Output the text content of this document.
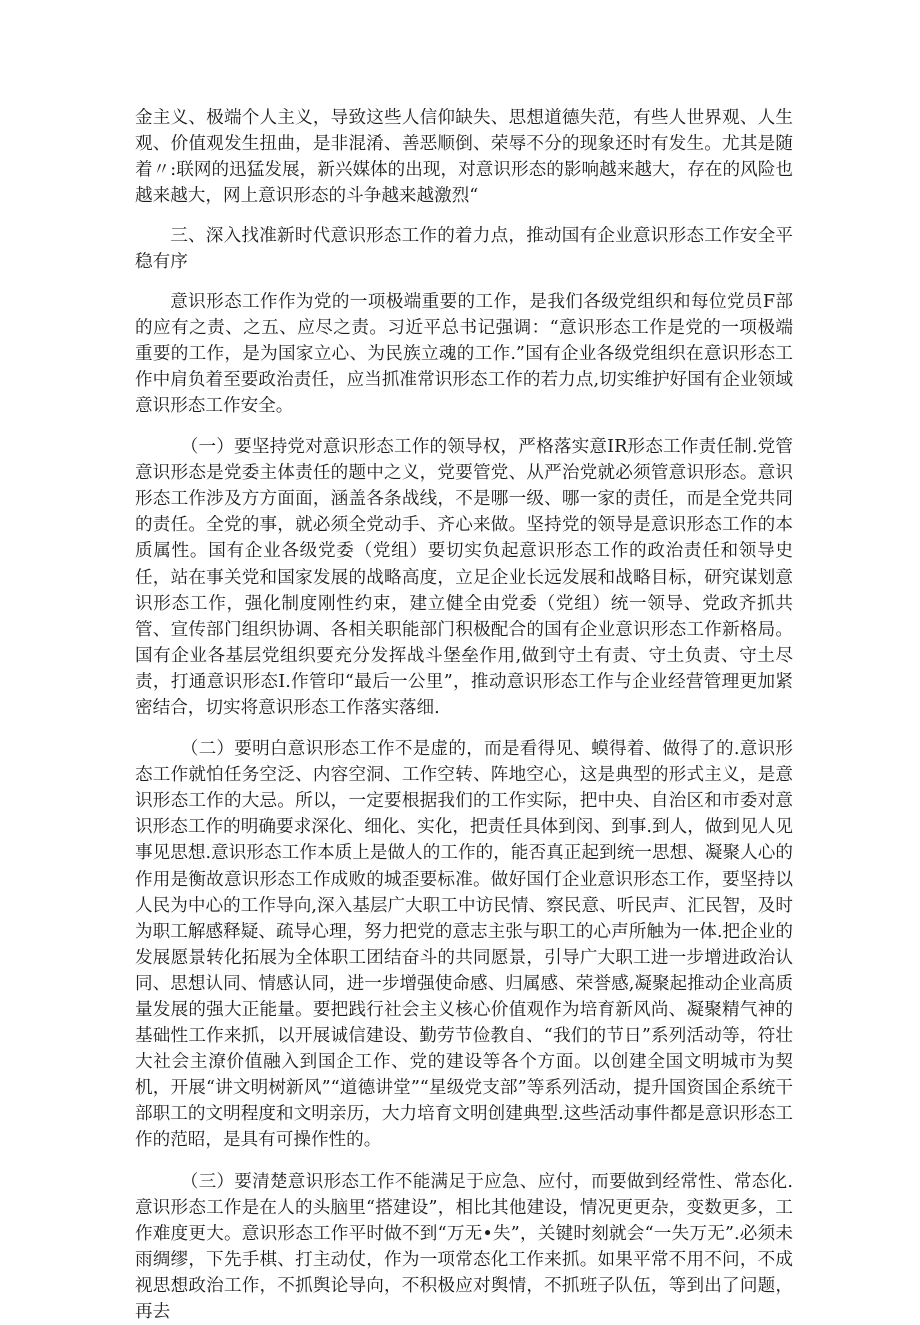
金主义、极端个人主义，导致这些人信仰缺失、思想道德失范，有些人世界观、人生观、价值观发生扭曲，是非混淆、善恶顺倒、荣辱不分的现象还时有发生。尤其是随着〃:联网的迅猛发展，新兴媒体的出现，对意识形态的影响越来越大，存在的风险也越来越大，网上意识形态的斗争越来越激烈“

三、深入找准新时代意识形态工作的着力点，推动国有企业意识形态工作安全平稳有序

意识形态工作作为党的一项极端重要的工作，是我们各级党组织和每位党员F部的应有之责、之五、应尽之责。习近平总书记强调：“意识形态工作是党的一项极端重要的工作，是为国家立心、为民族立魂的工作.”国有企业各级党组织在意识形态工作中肩负着至要政治责任，应当抓准常识形态工作的若力点,切实维护好国有企业领域意识形态工作安全。

（一）要坚持党对意识形态工作的领导权，严格落实意IR形态工作责任制.党管意识形态是党委主体责任的题中之义，党要管党、从严治党就必须管意识形态。意识形态工作涉及方方面面，涵盖各条战线，不是哪一级、哪一家的责任，而是全党共同的责任。全党的事，就必须全党动手、齐心来做。坚持党的领导是意识形态工作的本质属性。国有企业各级党委（党组）要切实负起意识形态工作的政治责任和领导史任，站在事关党和国家发展的战略高度，立足企业长远发展和战略目标，研究谋划意识形态工作，强化制度刚性约束，建立健全由党委（党组）统一领导、党政齐抓共管、宣传部门组织协调、各相关职能部门积极配合的国有企业意识形态工作新格局。国有企业各基层党组织要充分发挥战斗堡垒作用,做到守土有责、守土负责、守土尽责，打通意识形态I.作管印“最后一公里”，推动意识形态工作与企业经营管理更加紧密结合，切实将意识形态工作落实落细.

（二）要明白意识形态工作不是虚的，而是看得见、蟆得着、做得了的.意识形态工作就怕任务空泛、内容空洞、工作空转、阵地空心，这是典型的形式主义，是意识形态工作的大忌。所以，一定要根据我们的工作实际，把中央、自治区和市委对意识形态工作的明确要求深化、细化、实化，把责任具体到闵、到事.到人，做到见人见事见思想.意识形态工作本质上是做人的工作的，能否真正起到统一思想、凝聚人心的作用是衡故意识形态工作成败的城歪要标准。做好国仃企业意识形态工作，要坚持以人民为中心的工作导向,深入基层广大职工中访民情、察民意、听民声、汇民智，及时为职工解感释疑、疏导心理，努力把党的意志主张与职工的心声所触为一体.把企业的发展愿景转化拓展为全体职工团结奋斗的共同愿景，引导广大职工进一步增进政治认同、思想认同、情感认同，进一步增强使命感、归属感、荣誉感,凝聚起推动企业高质量发展的强大正能量。要把践行社会主义核心价值观作为培育新风尚、凝聚精气神的基础性工作来抓，以开展诚信建设、勤劳节俭教自、“我们的节日”系列活动等，符壮大社会主潦价值融入到国企工作、党的建设等各个方面。以创建全国文明城市为契机，开展“讲文明树新风”“道德讲堂”“星级党支部”等系列活动，提升国资国企系统干部职工的文明程度和文明亲历，大力培育文明创建典型.这些活动事件都是意识形态工作的范昭，是具有可操作性的。

（三）要清楚意识形态工作不能满足于应急、应付，而要做到经常性、常态化.意识形态工作是在人的头脑里“搭建设”，相比其他建设，情况更更杂，变数更多，工作难度更大。意识形态工作平时做不到“万无•失”，关键时刻就会“一失万无”.必须未雨绸缪，下先手棋、打主动仗，作为一项常态化工作来抓。如果平常不用不问，不成视思想政治工作，不抓舆论导向，不积极应对舆情，不抓班子队伍，等到出了问题，再去
